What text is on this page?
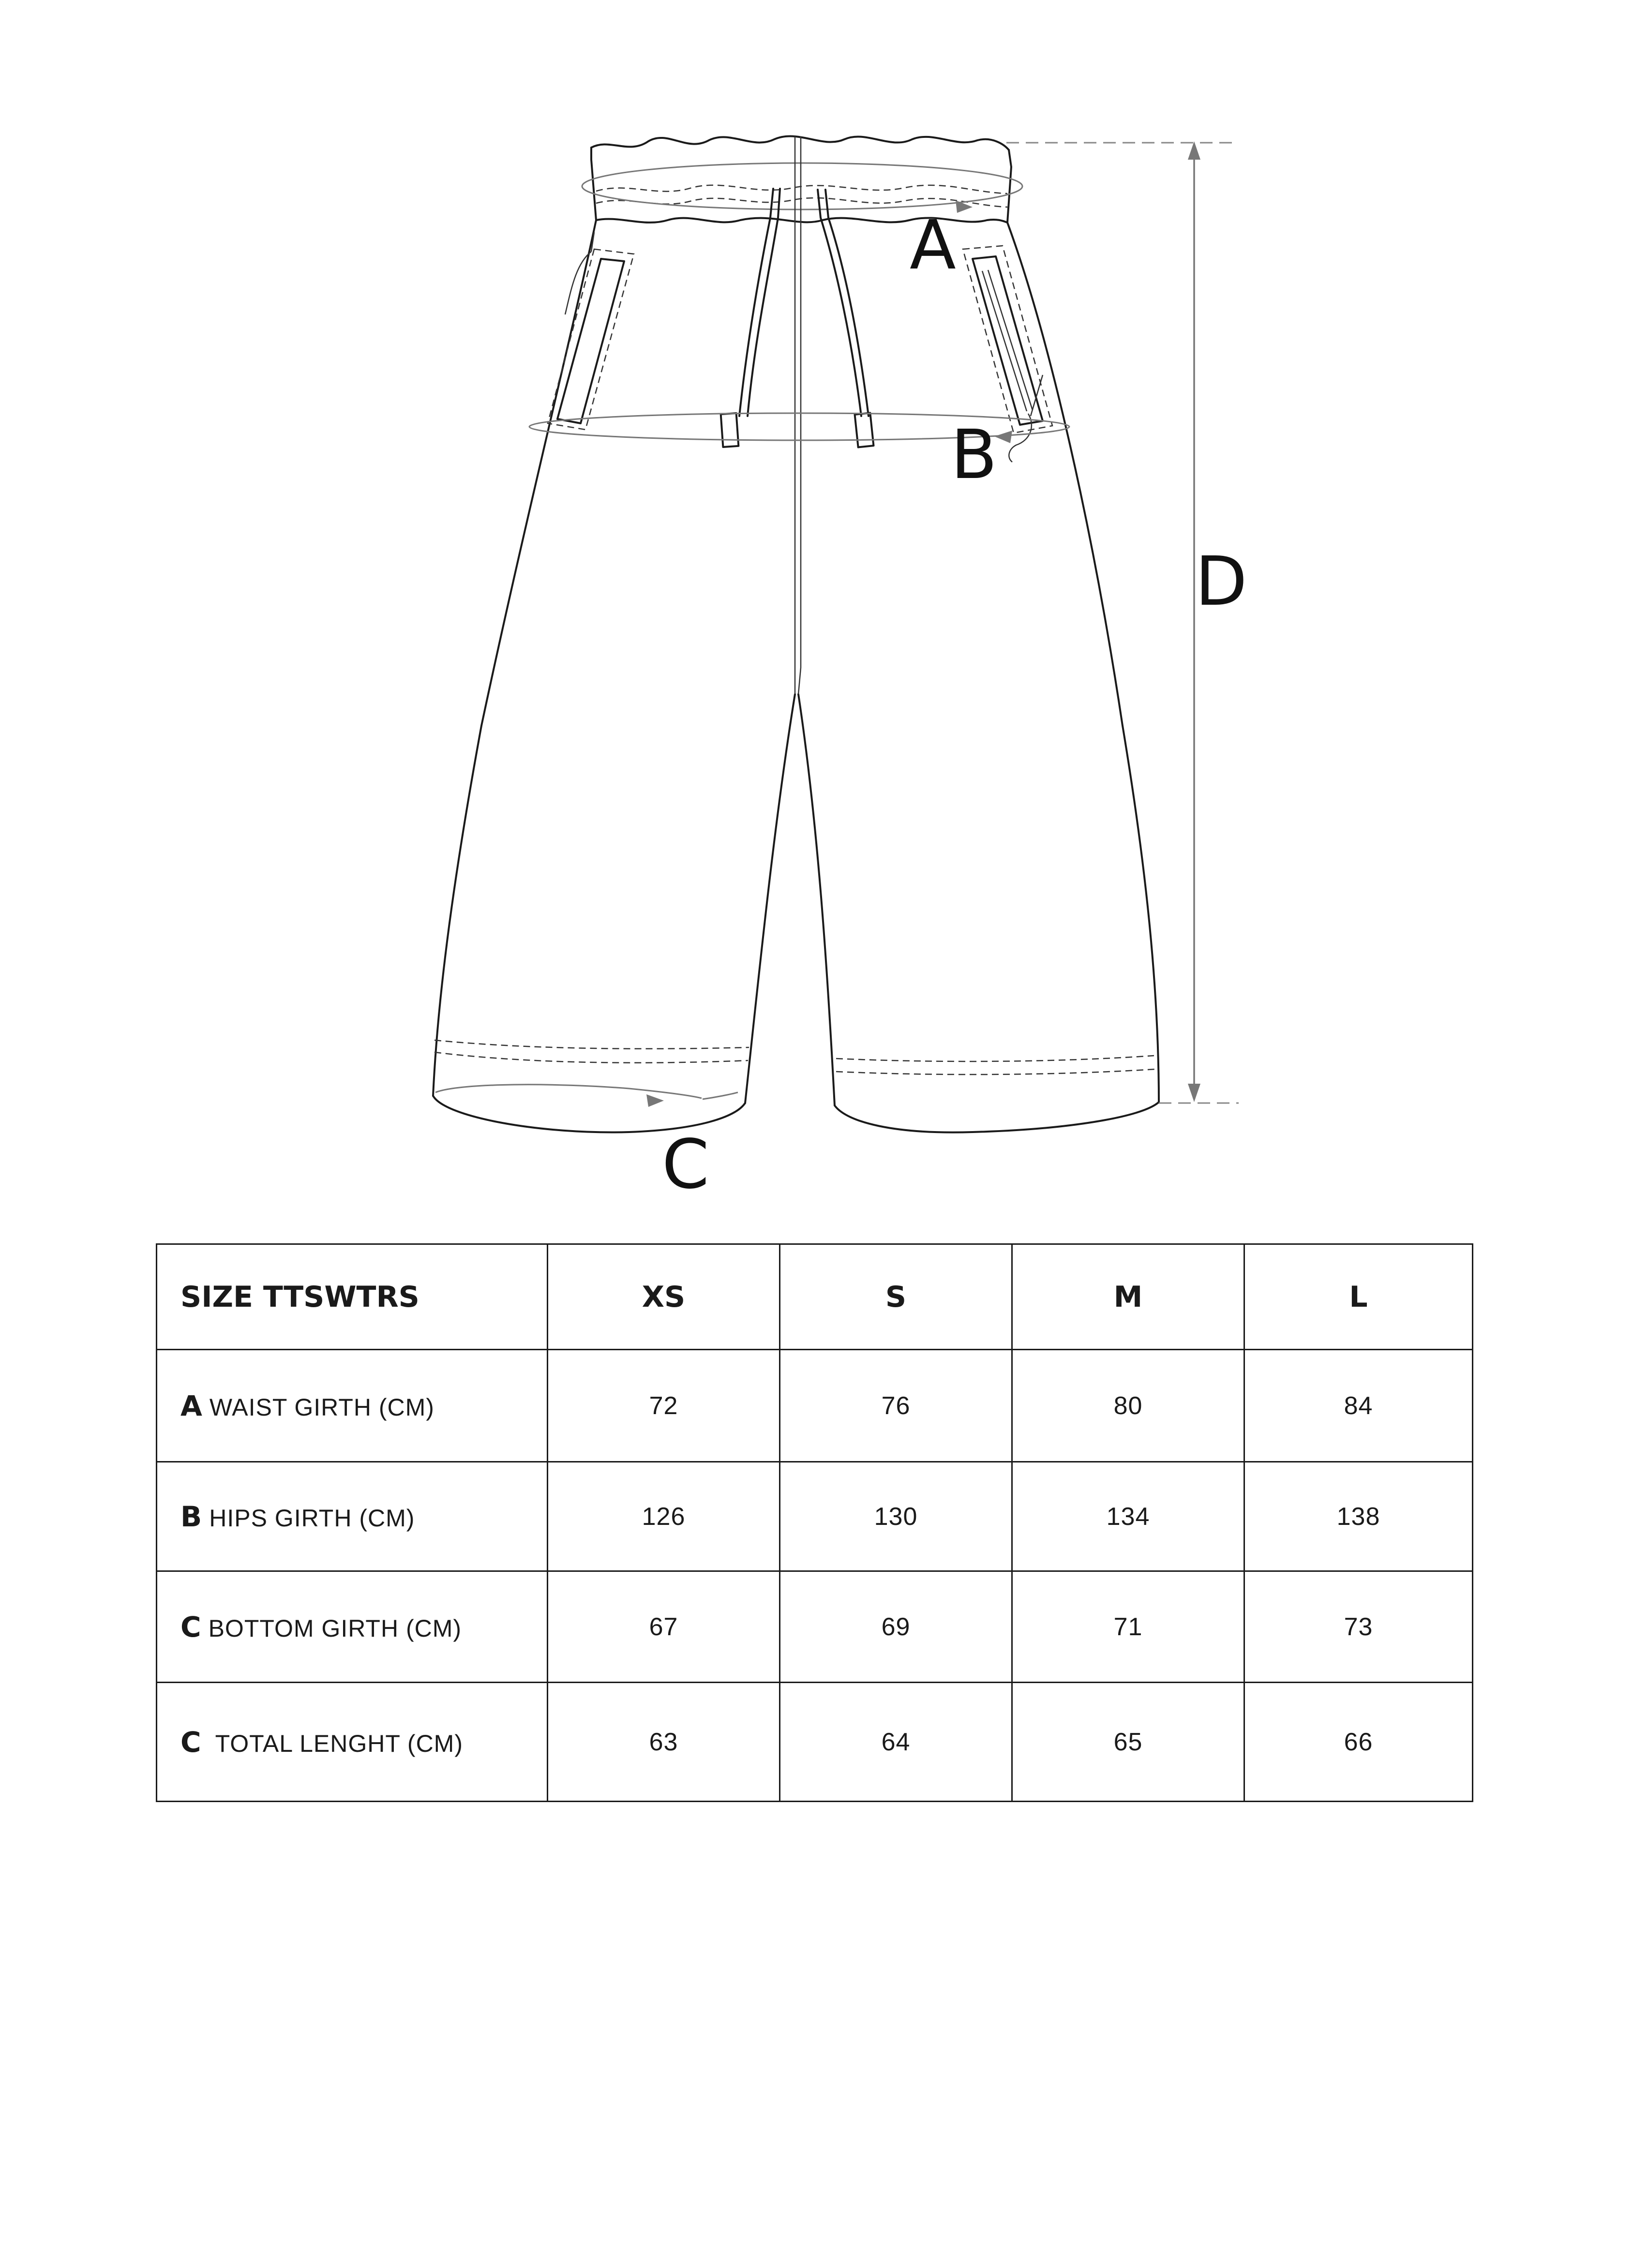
A
B
C
D
SIZE TTSWTRS	XS	S	M	L
A WAIST GIRTH (CM)	72	76	80	84
B HIPS GIRTH (CM)	126	130	134	138
C BOTTOM GIRTH (CM)	67	69	71	73
C TOTAL LENGHT (CM)	63	64	65	66
